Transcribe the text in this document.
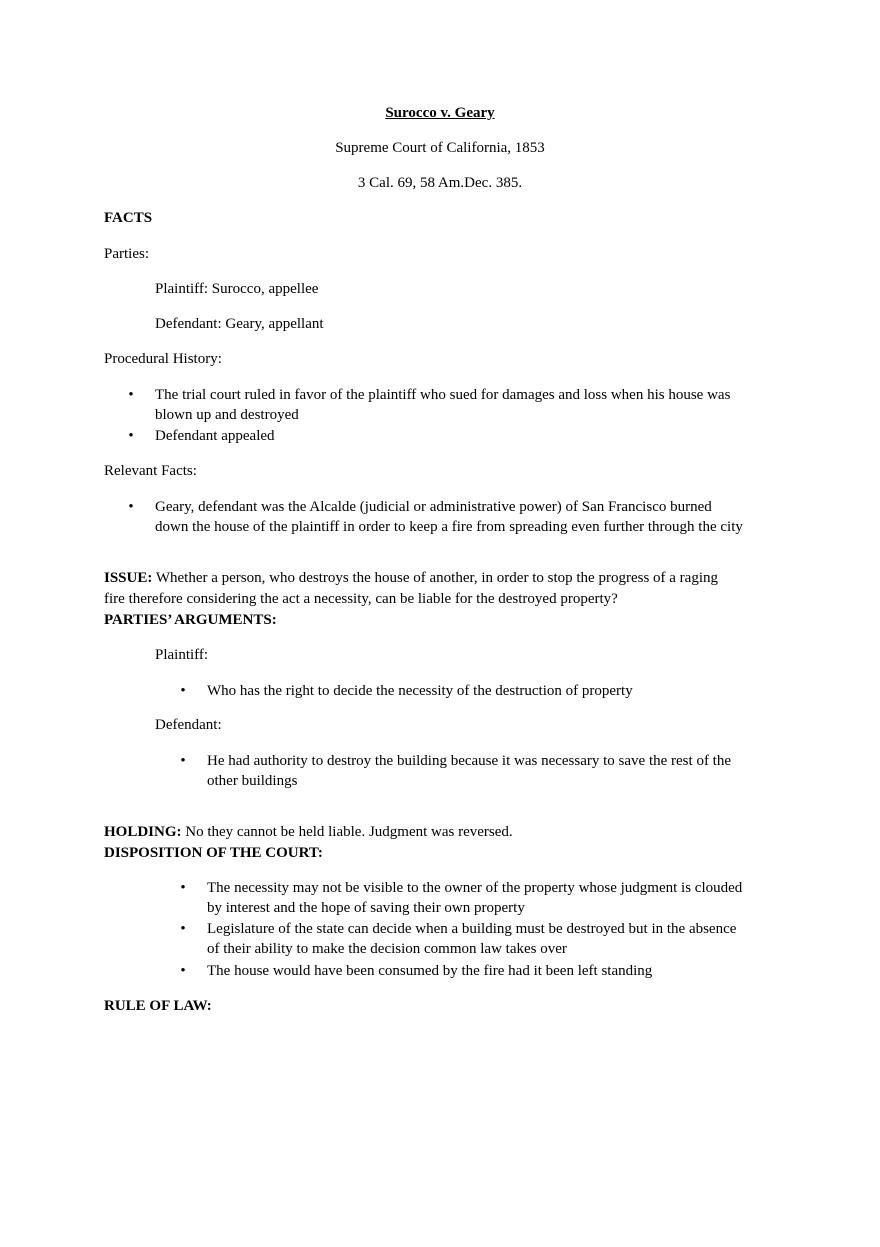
Surocco v. Geary

Supreme Court of California, 1853

3 Cal. 69, 58 Am.Dec. 385.

FACTS

Parties:

Plaintiff: Surocco, appellee

Defendant: Geary, appellant

Procedural History:

• The trial court ruled in favor of the plaintiff who sued for damages and loss when his house was
blown up and destroyed
• Defendant appealed

Relevant Facts:

• Geary, defendant was the Alcalde (judicial or administrative power) of San Francisco burned
down the house of the plaintiff in order to keep a fire from spreading even further through the city

ISSUE: Whether a person, who destroys the house of another, in order to stop the progress of a raging

fire therefore considering the act a necessity, can be liable for the destroyed property?

PARTIES’ ARGUMENTS:

Plaintiff:

• Who has the right to decide the necessity of the destruction of property

Defendant:

• He had authority to destroy the building because it was necessary to save the rest of the
other buildings

HOLDING: No they cannot be held liable. Judgment was reversed.

DISPOSITION OF THE COURT:

• The necessity may not be visible to the owner of the property whose judgment is clouded
by interest and the hope of saving their own property
• Legislature of the state can decide when a building must be destroyed but in the absence
of their ability to make the decision common law takes over
• The house would have been consumed by the fire had it been left standing

RULE OF LAW:
